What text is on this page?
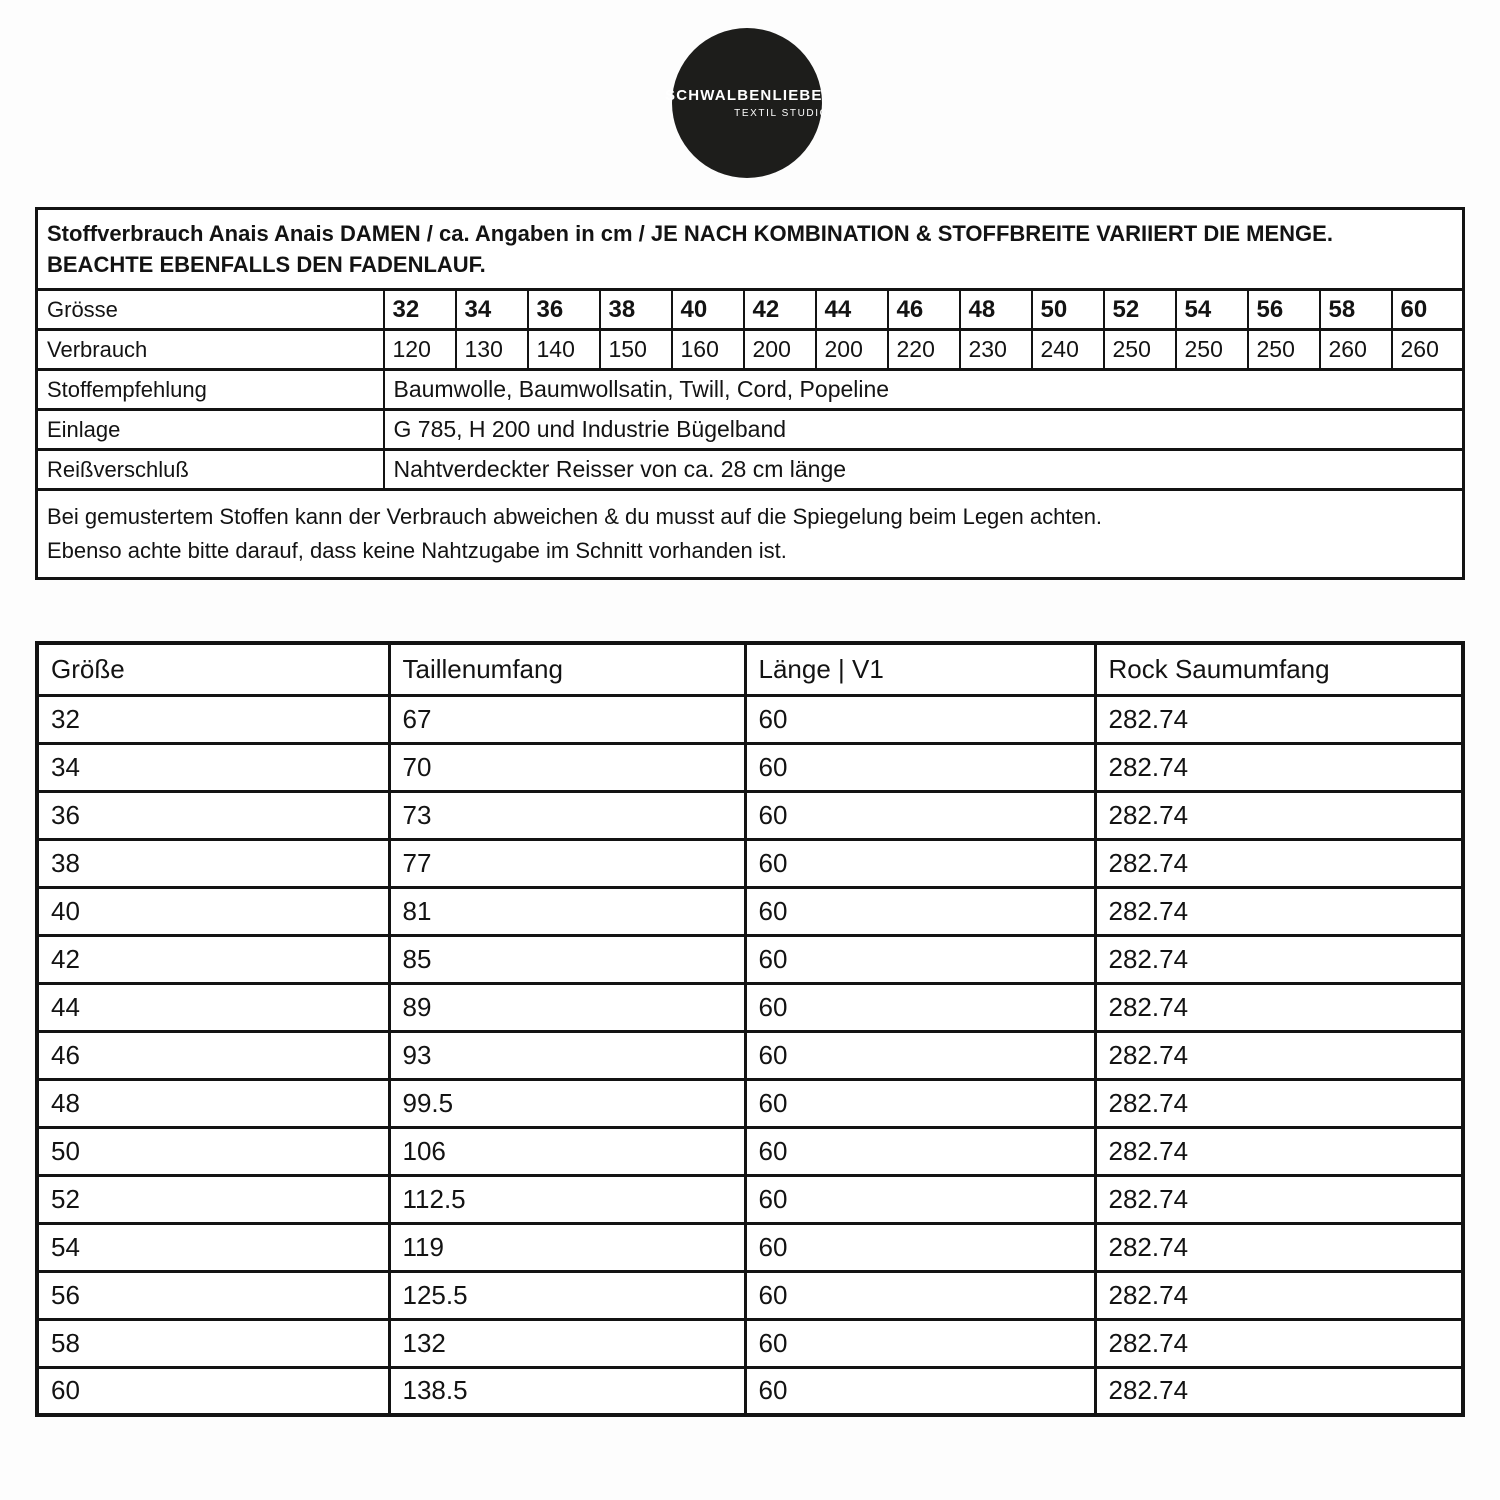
SCHWALBENLIEBE®
TEXTIL STUDIO
Stoffverbrauch Anais Anais DAMEN / ca. Angaben in cm / JE NACH KOMBINATION & STOFFBREITE VARIIERT DIE MENGE.
BEACHTE EBENFALLS DEN FADENLAUF.															

Grösse	32	34	36	38	40	42	44	46	48	50	52	54	56	58	60
Verbrauch	120	130	140	150	160	200	200	220	230	240	250	250	250	260	260
Stoffempfehlung	Baumwolle, Baumwollsatin, Twill, Cord, Popeline														
Einlage	G 785, H 200 und Industrie Bügelband														
Reißverschluß	Nahtverdeckter Reisser von ca. 28 cm länge														

Bei gemustertem Stoffen kann der Verbrauch abweichen & du musst auf die Spiegelung beim Legen achten.
Ebenso achte bitte darauf, dass keine Nahtzugabe im Schnitt vorhanden ist.															
Größe	Taillenumfang	Länge | V1	Rock Saumumfang
32	67	60	282.74
34	70	60	282.74
36	73	60	282.74
38	77	60	282.74
40	81	60	282.74
42	85	60	282.74
44	89	60	282.74
46	93	60	282.74
48	99.5	60	282.74
50	106	60	282.74
52	112.5	60	282.74
54	119	60	282.74
56	125.5	60	282.74
58	132	60	282.74
60	138.5	60	282.74
